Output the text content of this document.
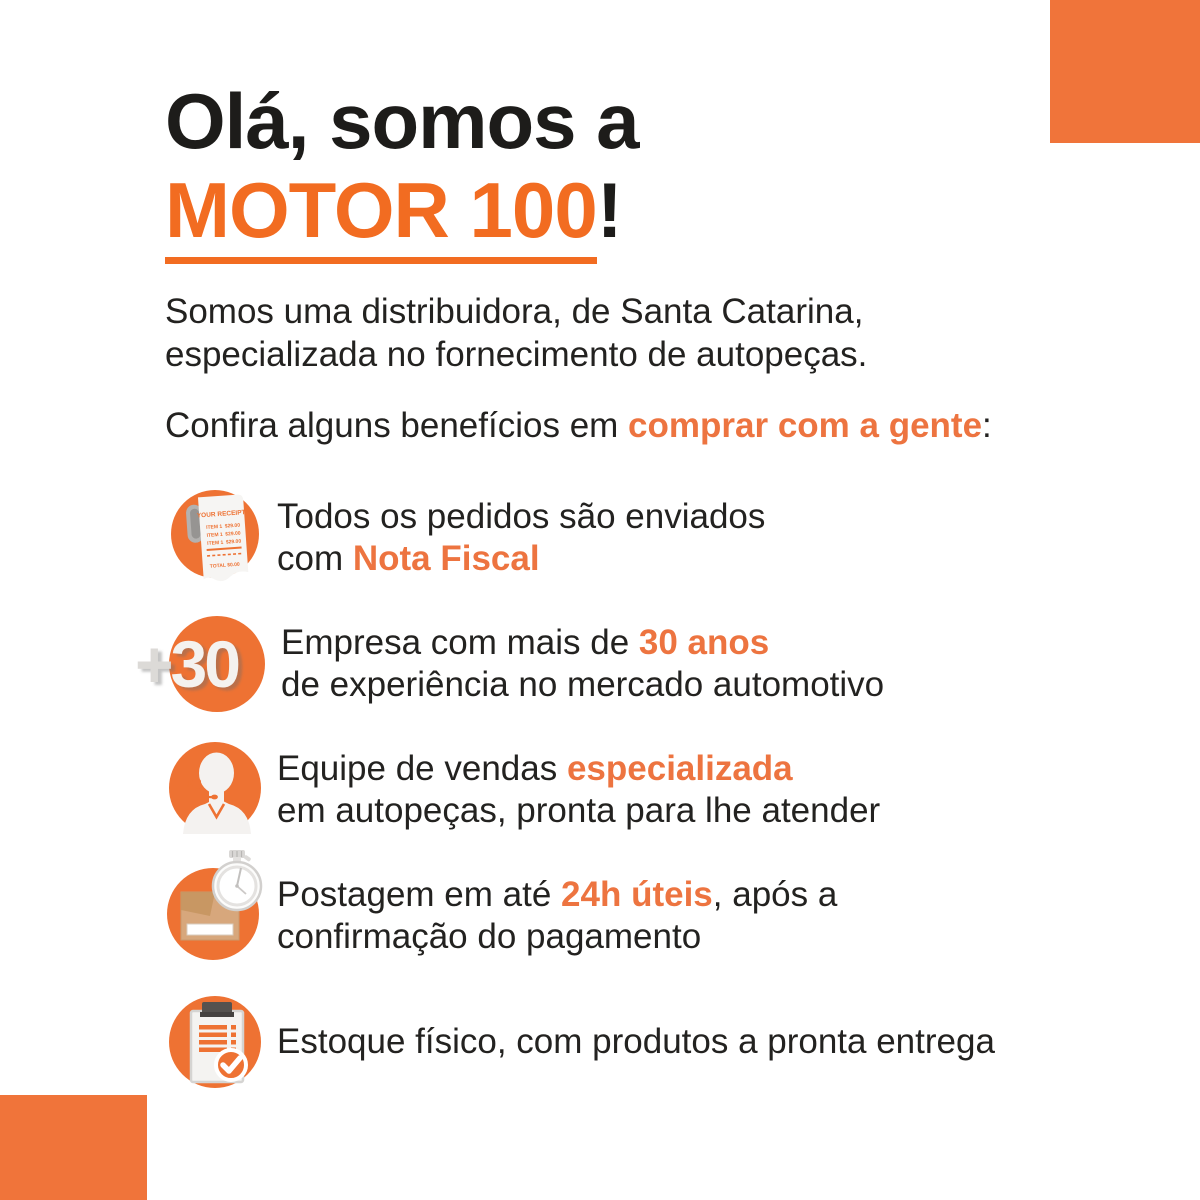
Olá, somos a
MOTOR 100!

Somos uma distribuidora, de Santa Catarina,
especializada no fornecimento de autopeças.

Confira alguns benefícios em comprar com a gente:

YOUR RECEIPT
ITEM 1 $29.00
ITEM 1 $29.00
ITEM 1 $29.00
TOTAL $0.00
Todos os pedidos são enviados
com Nota Fiscal
+30 Empresa com mais de 30 anos
de experiência no mercado automotivo
Equipe de vendas especializada
em autopeças, pronta para lhe atender
Postagem em até 24h úteis, após a
confirmação do pagamento
Estoque físico, com produtos a pronta entrega
